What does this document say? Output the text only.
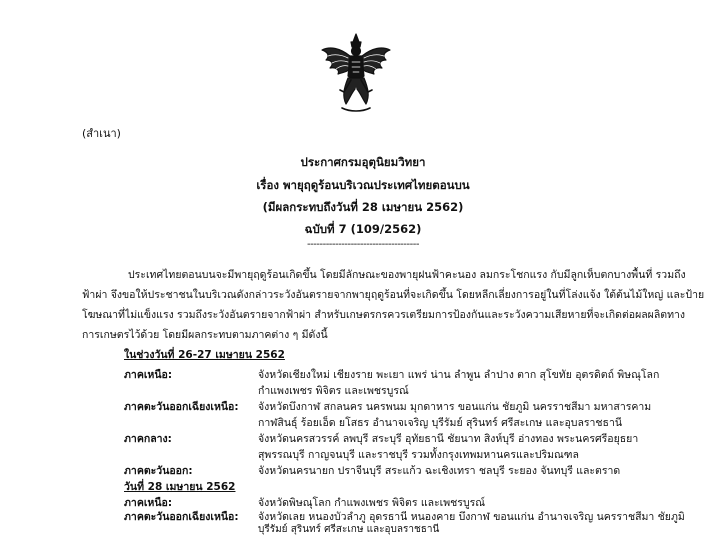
(สำเนา)
ประกาศกรมอุตุนิยมวิทยา
เรื่อง พายุฤดูร้อนบริเวณประเทศไทยตอนบน
(มีผลกระทบถึงวันที่ 28 เมษายน 2562)
ฉบับที่ 7 (109/2562)
------------------------------------
ประเทศไทยตอนบนจะมีพายุฤดูร้อนเกิดขึ้น โดยมีลักษณะของพายุฝนฟ้าคะนอง ลมกระโชกแรง กับมีลูกเห็บตกบางพื้นที่ รวมถึง
ฟ้าผ่า จึงขอให้ประชาชนในบริเวณดังกล่าวระวังอันตรายจากพายุฤดูร้อนที่จะเกิดขึ้น โดยหลีกเลี่ยงการอยู่ในที่โล่งแจ้ง ใต้ต้นไม้ใหญ่ และป้าย
โฆษณาที่ไม่แข็งแรง รวมถึงระวังอันตรายจากฟ้าผ่า สำหรับเกษตรกรควรเตรียมการป้องกันและระวังความเสียหายที่จะเกิดต่อผลผลิตทาง
การเกษตรไว้ด้วย โดยมีผลกระทบตามภาคต่าง ๆ มีดังนี้
ในช่วงวันที่ 26-27 เมษายน 2562
ภาคเหนือ:	จังหวัดเชียงใหม่ เชียงราย พะเยา แพร่ น่าน ลำพูน ลำปาง ตาก สุโขทัย อุตรดิตถ์ พิษณุโลก
กำแพงเพชร พิจิตร และเพชรบูรณ์
ภาคตะวันออกเฉียงเหนือ: จังหวัดบึงกาฬ สกลนคร นครพนม มุกดาหาร ขอนแก่น ชัยภูมิ นครราชสีมา มหาสารคาม
กาฬสินธุ์ ร้อยเอ็ด ยโสธร อำนาจเจริญ บุรีรัมย์ สุรินทร์ ศรีสะเกษ และอุบลราชธานี
ภาคกลาง:	จังหวัดนครสวรรค์ ลพบุรี สระบุรี อุทัยธานี ชัยนาท สิงห์บุรี อ่างทอง พระนครศรีอยุธยา
สุพรรณบุรี กาญจนบุรี และราชบุรี รวมทั้งกรุงเทพมหานครและปริมณฑล
ภาคตะวันออก:	จังหวัดนครนายก ปราจีนบุรี สระแก้ว ฉะเชิงเทรา ชลบุรี ระยอง จันทบุรี และตราด
วันที่ 28 เมษายน 2562
ภาคเหนือ:	จังหวัดพิษณุโลก กำแพงเพชร พิจิตร และเพชรบูรณ์
ภาคตะวันออกเฉียงเหนือ: จังหวัดเลย หนองบัวลำภู อุดรธานี หนองคาย บึงกาฬ ขอนแก่น อำนาจเจริญ นครราชสีมา ชัยภูมิ
บุรีรัมย์ สุรินทร์ ศรีสะเกษ และอุบลราชธานี
